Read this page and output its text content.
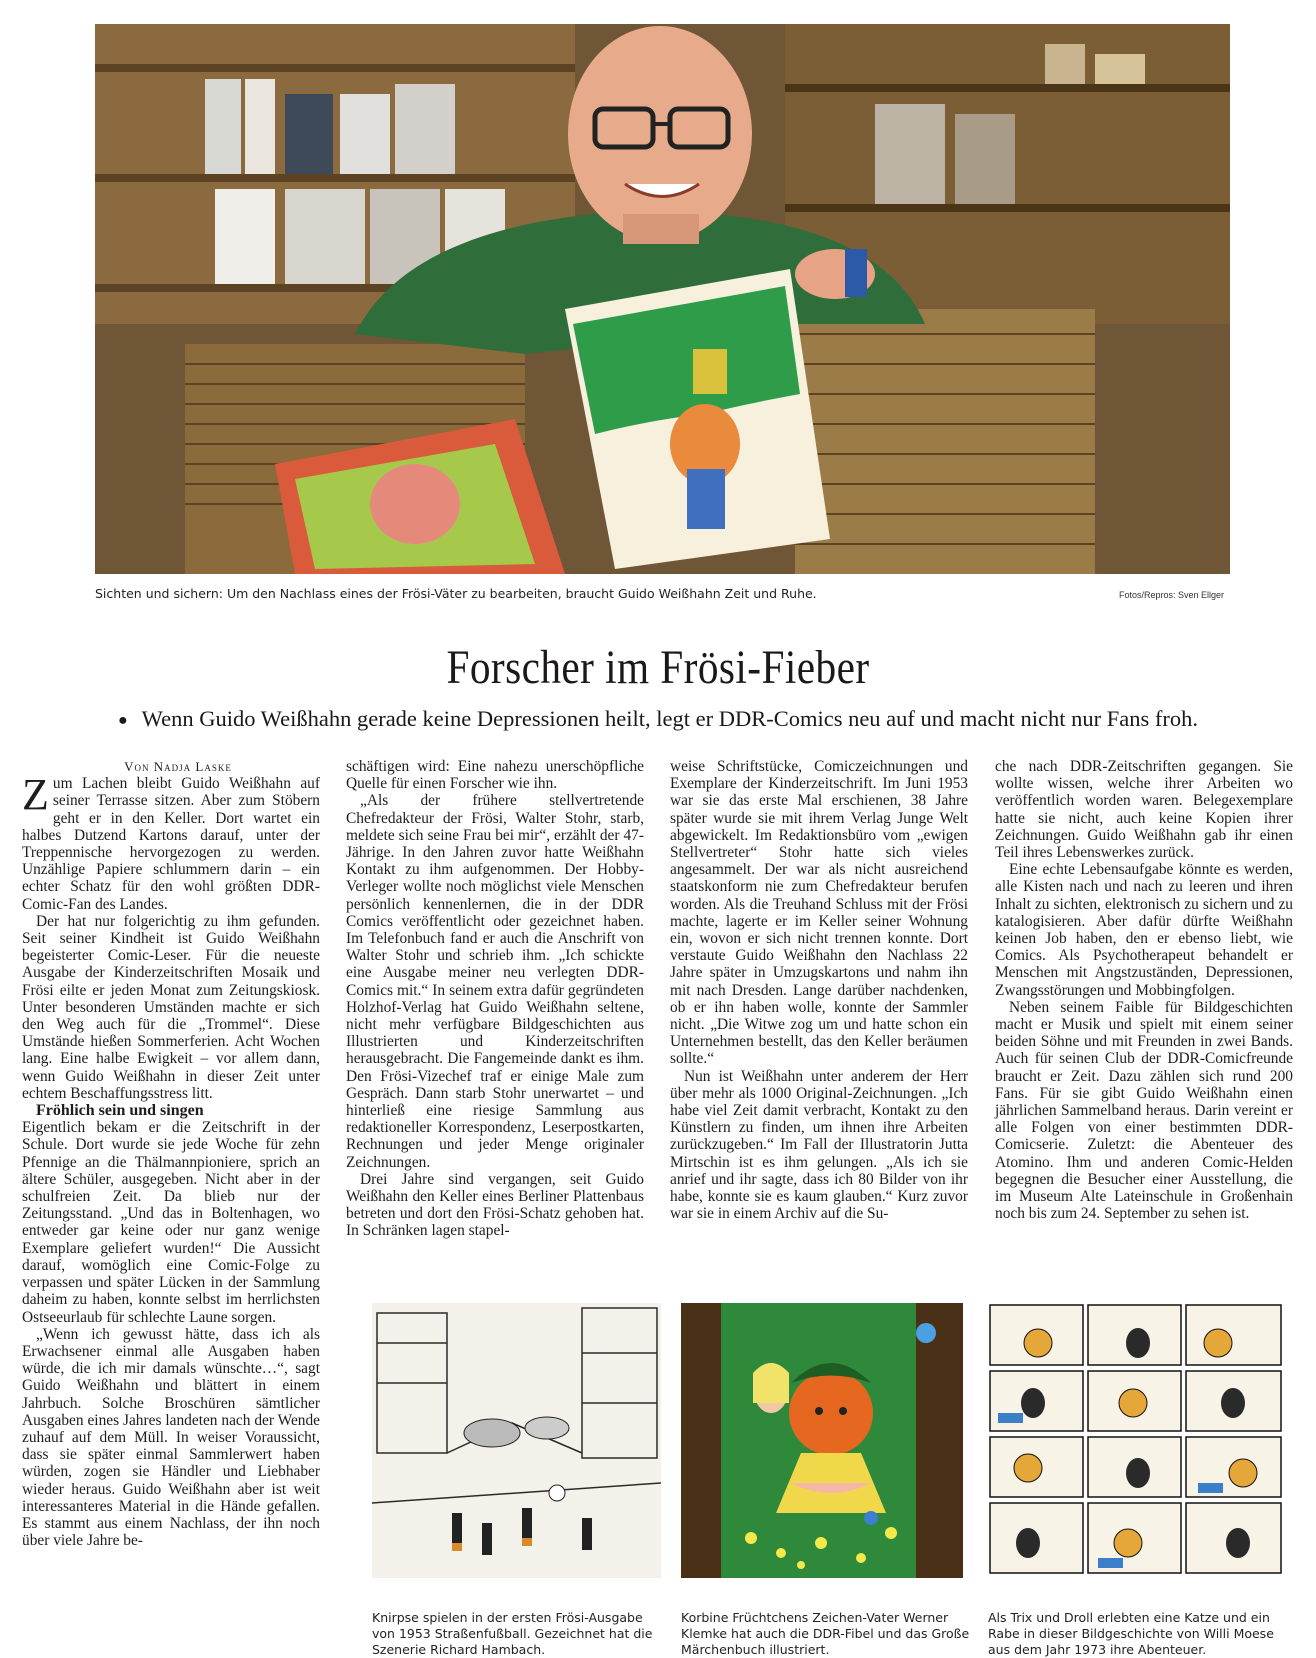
Sichten und sichern: Um den Nachlass eines der Frösi-Väter zu bearbeiten, braucht Guido Weißhahn Zeit und Ruhe.	Fotos/Repros: Sven Ellger
Forscher im Frösi-Fieber
● Wenn Guido Weißhahn gerade keine Depressionen heilt, legt er DDR-Comics neu auf und macht nicht nur Fans froh.

Von Nadja Laske

Zum Lachen bleibt Guido Weißhahn auf seiner Terrasse sitzen. Aber zum Stöbern geht er in den Keller. Dort wartet ein halbes Dutzend Kartons darauf, unter der Treppennische hervorgezogen zu werden. Unzählige Papiere schlummern darin – ein echter Schatz für den wohl größten DDR-Comic-Fan des Landes.

Der hat nur folgerichtig zu ihm gefunden. Seit seiner Kindheit ist Guido Weißhahn begeisterter Comic-Leser. Für die neueste Ausgabe der Kinderzeitschriften Mosaik und Frösi eilte er jeden Monat zum Zeitungskiosk. Unter besonderen Umständen machte er sich den Weg auch für die „Trommel“. Diese Umstände hießen Sommerferien. Acht Wochen lang. Eine halbe Ewigkeit – vor allem dann, wenn Guido Weißhahn in dieser Zeit unter echtem Beschaffungsstress litt.

Fröhlich sein und singen

Eigentlich bekam er die Zeitschrift in der Schule. Dort wurde sie jede Woche für zehn Pfennige an die Thälmannpioniere, sprich an ältere Schüler, ausgegeben. Nicht aber in der schulfreien Zeit. Da blieb nur der Zeitungsstand. „Und das in Boltenhagen, wo entweder gar keine oder nur ganz wenige Exemplare geliefert wurden!“ Die Aussicht darauf, womöglich eine Comic-Folge zu verpassen und später Lücken in der Sammlung daheim zu haben, konnte selbst im herrlichsten Ostseeurlaub für schlechte Laune sorgen.

„Wenn ich gewusst hätte, dass ich als Erwachsener einmal alle Ausgaben haben würde, die ich mir damals wünschte…“, sagt Guido Weißhahn und blättert in einem Jahrbuch. Solche Broschüren sämtlicher Ausgaben eines Jahres landeten nach der Wende zuhauf auf dem Müll. In weiser Voraussicht, dass sie später einmal Sammlerwert haben würden, zogen sie Händler und Liebhaber wieder heraus. Guido Weißhahn aber ist weit interessanteres Material in die Hände gefallen. Es stammt aus einem Nachlass, der ihn noch über viele Jahre be-

schäftigen wird: Eine nahezu unerschöpfliche Quelle für einen Forscher wie ihn.

„Als der frühere stellvertretende Chefredakteur der Frösi, Walter Stohr, starb, meldete sich seine Frau bei mir“, erzählt der 47-Jährige. In den Jahren zuvor hatte Weißhahn Kontakt zu ihm aufgenommen. Der Hobby-Verleger wollte noch möglichst viele Menschen persönlich kennenlernen, die in der DDR Comics veröffentlicht oder gezeichnet haben. Im Telefonbuch fand er auch die Anschrift von Walter Stohr und schrieb ihm. „Ich schickte eine Ausgabe meiner neu verlegten DDR-Comics mit.“ In seinem extra dafür gegründeten Holzhof-Verlag hat Guido Weißhahn seltene, nicht mehr verfügbare Bildgeschichten aus Illustrierten und Kinderzeitschriften herausgebracht. Die Fangemeinde dankt es ihm. Den Frösi-Vizechef traf er einige Male zum Gespräch. Dann starb Stohr unerwartet – und hinterließ eine riesige Sammlung aus redaktioneller Korrespondenz, Leserpostkarten, Rechnungen und jeder Menge originaler Zeichnungen.

Drei Jahre sind vergangen, seit Guido Weißhahn den Keller eines Berliner Plattenbaus betreten und dort den Frösi-Schatz gehoben hat. In Schränken lagen stapel-

weise Schriftstücke, Comiczeichnungen und Exemplare der Kinderzeitschrift. Im Juni 1953 war sie das erste Mal erschienen, 38 Jahre später wurde sie mit ihrem Verlag Junge Welt abgewickelt. Im Redaktionsbüro vom „ewigen Stellvertreter“ Stohr hatte sich vieles angesammelt. Der war als nicht ausreichend staatskonform nie zum Chefredakteur berufen worden. Als die Treuhand Schluss mit der Frösi machte, lagerte er im Keller seiner Wohnung ein, wovon er sich nicht trennen konnte. Dort verstaute Guido Weißhahn den Nachlass 22 Jahre später in Umzugskartons und nahm ihn mit nach Dresden. Lange darüber nachdenken, ob er ihn haben wolle, konnte der Sammler nicht. „Die Witwe zog um und hatte schon ein Unternehmen bestellt, das den Keller beräumen sollte.“

Nun ist Weißhahn unter anderem der Herr über mehr als 1000 Original-Zeichnungen. „Ich habe viel Zeit damit verbracht, Kontakt zu den Künstlern zu finden, um ihnen ihre Arbeiten zurückzugeben.“ Im Fall der Illustratorin Jutta Mirtschin ist es ihm gelungen. „Als ich sie anrief und ihr sagte, dass ich 80 Bilder von ihr habe, konnte sie es kaum glauben.“ Kurz zuvor war sie in einem Archiv auf die Su-

che nach DDR-Zeitschriften gegangen. Sie wollte wissen, welche ihrer Arbeiten wo veröffentlich worden waren. Belegexemplare hatte sie nicht, auch keine Kopien ihrer Zeichnungen. Guido Weißhahn gab ihr einen Teil ihres Lebenswerkes zurück.

Eine echte Lebensaufgabe könnte es werden, alle Kisten nach und nach zu leeren und ihren Inhalt zu sichten, elektronisch zu sichern und zu katalogisieren. Aber dafür dürfte Weißhahn keinen Job haben, den er ebenso liebt, wie Comics. Als Psychotherapeut behandelt er Menschen mit Angstzuständen, Depressionen, Zwangsstörungen und Mobbingfolgen.

Neben seinem Faible für Bildgeschichten macht er Musik und spielt mit einem seiner beiden Söhne und mit Freunden in zwei Bands. Auch für seinen Club der DDR-Comicfreunde braucht er Zeit. Dazu zählen sich rund 200 Fans. Für sie gibt Guido Weißhahn einen jährlichen Sammelband heraus. Darin vereint er alle Folgen von einer bestimmten DDR-Comicserie. Zuletzt: die Abenteuer des Atomino. Ihm und anderen Comic-Helden begegnen die Besucher einer Ausstellung, die im Museum Alte Lateinschule in Großenhain noch bis zum 24. September zu sehen ist.

Knirpse spielen in der ersten Frösi-Ausgabe von 1953 Straßenfußball. Gezeichnet hat die Szenerie Richard Hambach.
Korbine Früchtchens Zeichen-Vater Werner Klemke hat auch die DDR-Fibel und das Große Märchenbuch illustriert.
Als Trix und Droll erlebten eine Katze und ein Rabe in dieser Bildgeschichte von Willi Moese aus dem Jahr 1973 ihre Abenteuer.
